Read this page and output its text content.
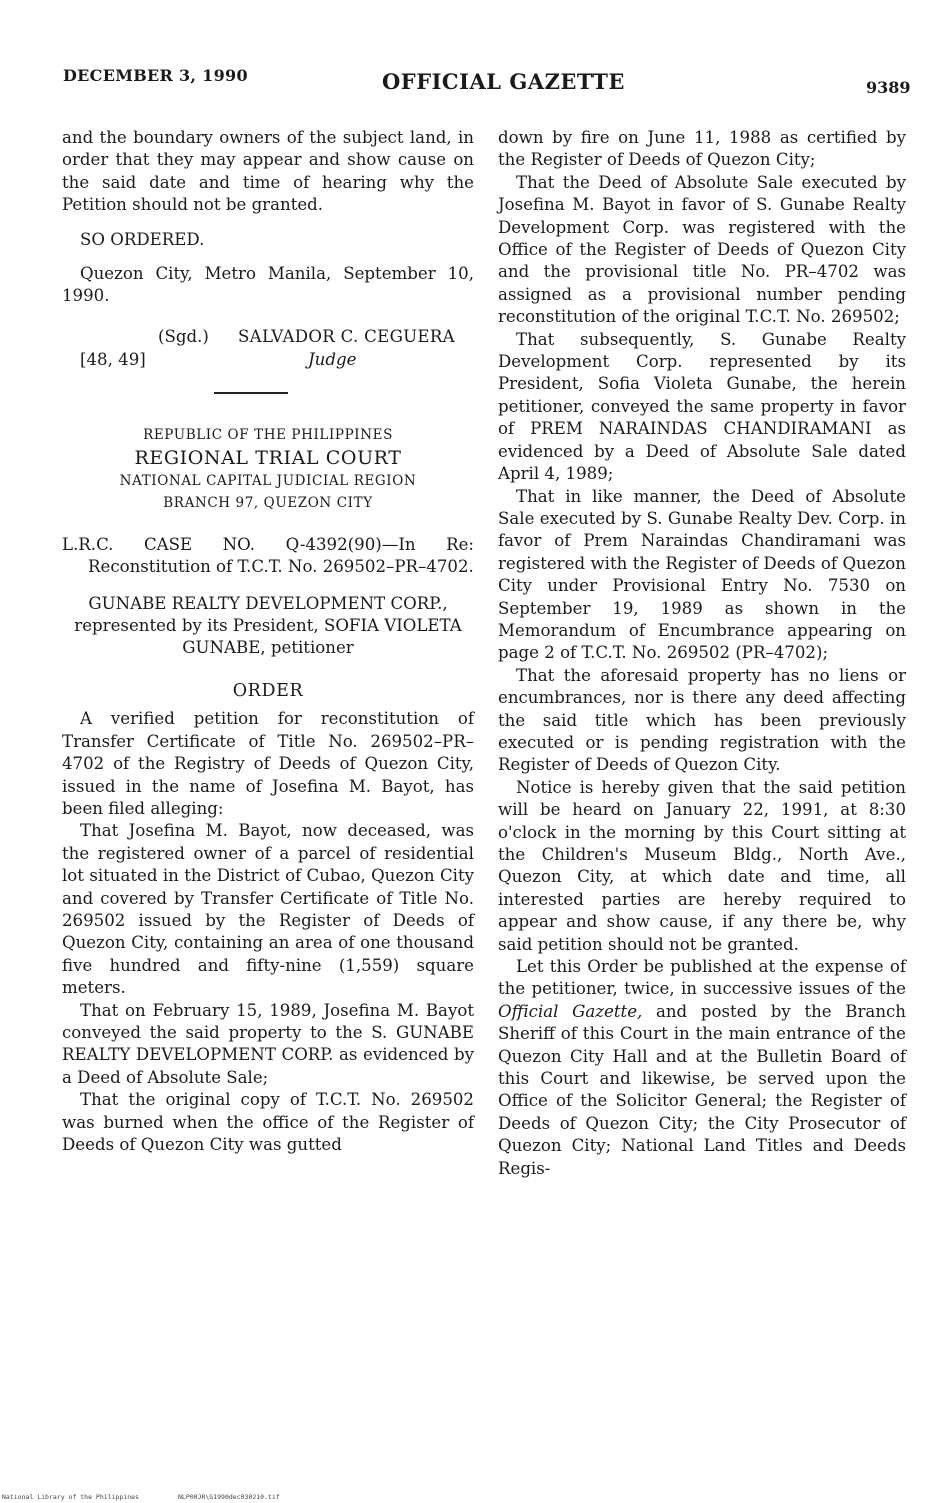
DECEMBER 3, 1990	OFFICIAL GAZETTE	9389

and the boundary owners of the subject land, in order that they may appear and show cause on the said date and time of hearing why the Petition should not be granted.

SO ORDERED.

Quezon City, Metro Manila, September 10, 1990.

(Sgd.) SALVADOR C. CEGUERA
[48, 49]	Judge
REPUBLIC OF THE PHILIPPINES
REGIONAL TRIAL COURT
NATIONAL CAPITAL JUDICIAL REGION
BRANCH 97, QUEZON CITY

L.R.C. CASE NO. Q-4392(90)—In Re: Reconstitution of T.C.T. No. 269502–PR–4702.

GUNABE REALTY DEVELOPMENT CORP.,
represented by its President, SOFIA VIOLETA
GUNABE, petitioner
ORDER

A verified petition for reconstitution of Transfer Certificate of Title No. 269502–PR–4702 of the Registry of Deeds of Quezon City, issued in the name of Josefina M. Bayot, has been filed alleging:

That Josefina M. Bayot, now deceased, was the registered owner of a parcel of residential lot situated in the District of Cubao, Quezon City and covered by Transfer Certificate of Title No. 269502 issued by the Register of Deeds of Quezon City, containing an area of one thousand five hundred and fifty-nine (1,559) square meters.

That on February 15, 1989, Josefina M. Bayot conveyed the said property to the S. GUNABE REALTY DEVELOPMENT CORP. as evidenced by a Deed of Absolute Sale;

That the original copy of T.C.T. No. 269502 was burned when the office of the Register of Deeds of Quezon City was gutted

down by fire on June 11, 1988 as certified by the Register of Deeds of Quezon City;

That the Deed of Absolute Sale executed by Josefina M. Bayot in favor of S. Gunabe Realty Development Corp. was registered with the Office of the Register of Deeds of Quezon City and the provisional title No. PR–4702 was assigned as a provisional number pending reconstitution of the original T.C.T. No. 269502;

That subsequently, S. Gunabe Realty Development Corp. represented by its President, Sofia Violeta Gunabe, the herein petitioner, conveyed the same property in favor of PREM NARAINDAS CHANDIRAMANI as evidenced by a Deed of Absolute Sale dated April 4, 1989;

That in like manner, the Deed of Absolute Sale executed by S. Gunabe Realty Dev. Corp. in favor of Prem Naraindas Chandiramani was registered with the Register of Deeds of Quezon City under Provisional Entry No. 7530 on September 19, 1989 as shown in the Memorandum of Encumbrance appearing on page 2 of T.C.T. No. 269502 (PR–4702);

That the aforesaid property has no liens or encumbrances, nor is there any deed affecting the said title which has been previously executed or is pending registration with the Register of Deeds of Quezon City.

Notice is hereby given that the said petition will be heard on January 22, 1991, at 8:30 o'clock in the morning by this Court sitting at the Children's Museum Bldg., North Ave., Quezon City, at which date and time, all interested parties are hereby required to appear and show cause, if any there be, why said petition should not be granted.

Let this Order be published at the expense of the petitioner, twice, in successive issues of the Official Gazette, and posted by the Branch Sheriff of this Court in the main entrance of the Quezon City Hall and at the Bulletin Board of this Court and likewise, be served upon the Office of the Solicitor General; the Register of Deeds of Quezon City; the City Prosecutor of Quezon City; National Land Titles and Deeds Regis-

National Library of the Philippines	NLP00JR\G1990dec030210.tif
